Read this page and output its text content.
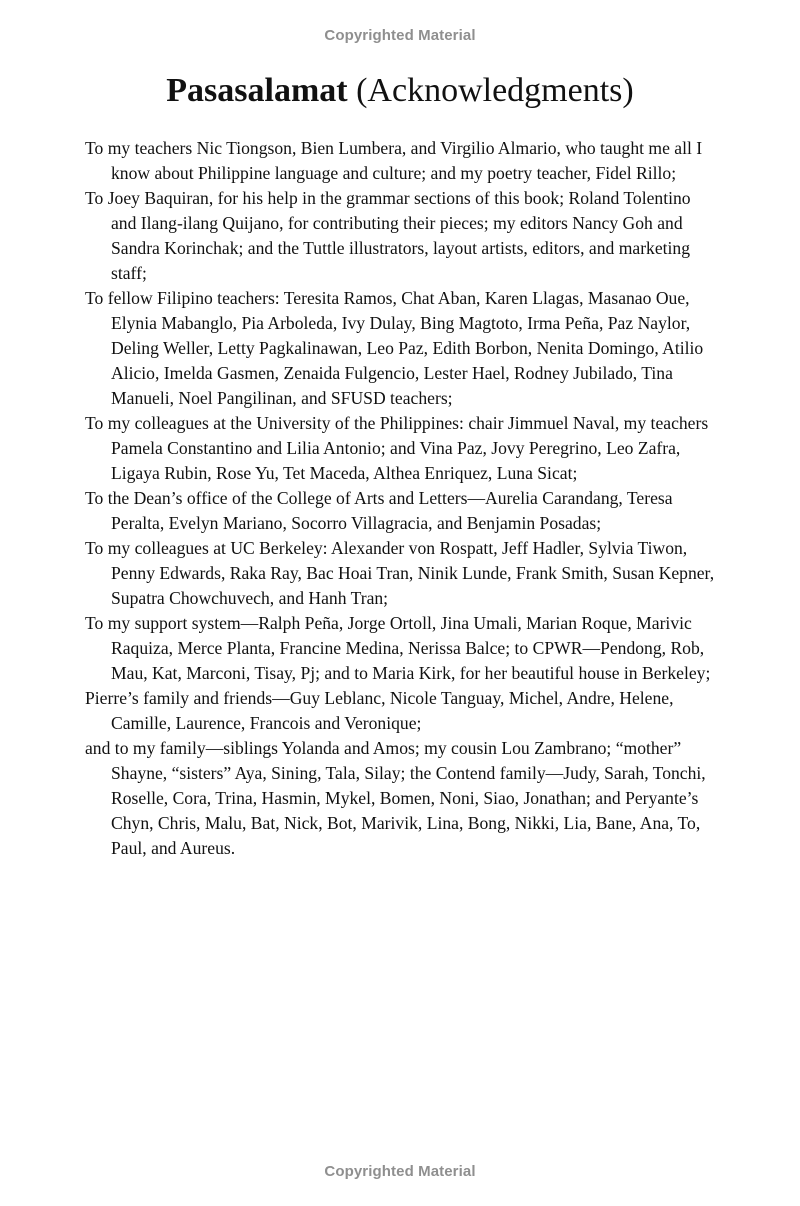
Copyrighted Material
Pasasalamat (Acknowledgments)

To my teachers Nic Tiongson, Bien Lumbera, and Virgilio Almario, who taught me all I know about Philippine language and culture; and my poetry teacher, Fidel Rillo;

To Joey Baquiran, for his help in the grammar sections of this book; Roland Tolentino and Ilang-ilang Quijano, for contributing their pieces; my editors Nancy Goh and Sandra Korinchak; and the Tuttle illustrators, layout artists, editors, and marketing staff;

To fellow Filipino teachers: Teresita Ramos, Chat Aban, Karen Llagas, Masanao Oue, Elynia Mabanglo, Pia Arboleda, Ivy Dulay, Bing Magtoto, Irma Peña, Paz Naylor, Deling Weller, Letty Pagkalinawan, Leo Paz, Edith Borbon, Nenita Domingo, Atilio Alicio, Imelda Gasmen, Zenaida Fulgencio, Lester Hael, Rodney Jubilado, Tina Manueli, Noel Pangilinan, and SFUSD teachers;

To my colleagues at the University of the Philippines: chair Jimmuel Naval, my teachers Pamela Constantino and Lilia Antonio; and Vina Paz, Jovy Peregrino, Leo Zafra, Ligaya Rubin, Rose Yu, Tet Maceda, Althea Enriquez, Luna Sicat;

To the Dean’s office of the College of Arts and Letters—Aurelia Carandang, Teresa Peralta, Evelyn Mariano, Socorro Villagracia, and Benjamin Posadas;

To my colleagues at UC Berkeley: Alexander von Rospatt, Jeff Hadler, Sylvia Tiwon, Penny Edwards, Raka Ray, Bac Hoai Tran, Ninik Lunde, Frank Smith, Susan Kepner, Supatra Chowchuvech, and Hanh Tran;

To my support system—Ralph Peña, Jorge Ortoll, Jina Umali, Marian Roque, Marivic Raquiza, Merce Planta, Francine Medina, Nerissa Balce; to CPWR—Pendong, Rob, Mau, Kat, Marconi, Tisay, Pj; and to Maria Kirk, for her beautiful house in Berkeley;

Pierre’s family and friends—Guy Leblanc, Nicole Tanguay, Michel, Andre, Helene, Camille, Laurence, Francois and Veronique;

and to my family—siblings Yolanda and Amos; my cousin Lou Zambrano; “mother” Shayne, “sisters” Aya, Sining, Tala, Silay; the Contend family—Judy, Sarah, Tonchi, Roselle, Cora, Trina, Hasmin, Mykel, Bomen, Noni, Siao, Jonathan; and Peryante’s Chyn, Chris, Malu, Bat, Nick, Bot, Marivik, Lina, Bong, Nikki, Lia, Bane, Ana, To, Paul, and Aureus.

Copyrighted Material
